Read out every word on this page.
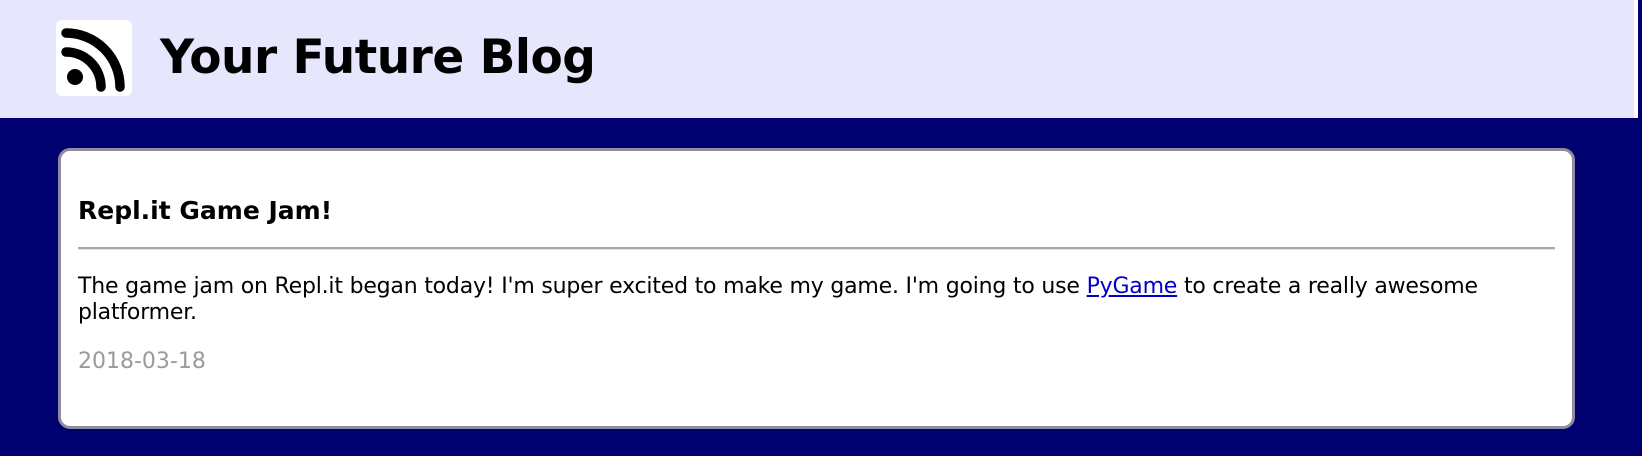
Your Future Blog
Repl.it Game Jam!

The game jam on Repl.it began today! I'm super excited to make my game. I'm going to use PyGame to create a really awesome platformer.

2018-03-18
